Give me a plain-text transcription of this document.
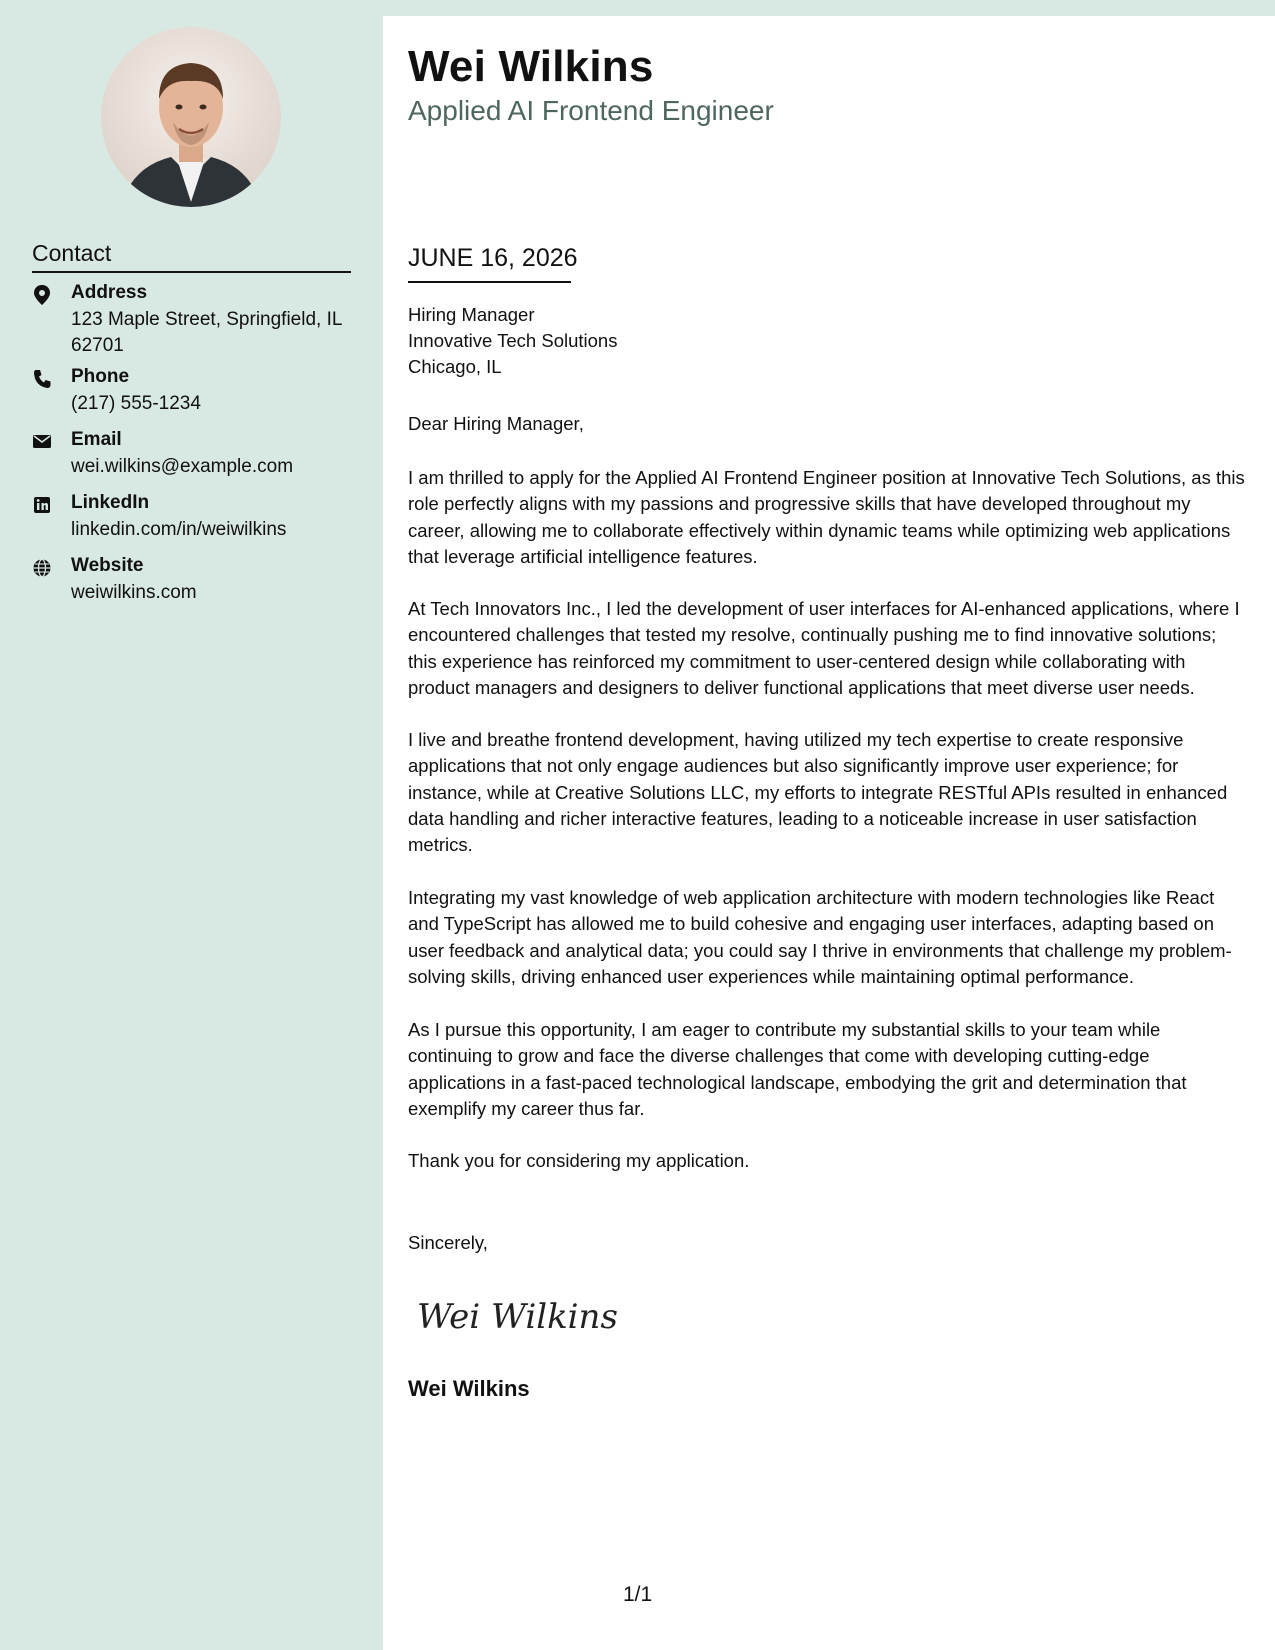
Contact
Address
123 Maple Street, Springfield, IL 62701
Phone
(217) 555-1234
Email
wei.wilkins@example.com
LinkedIn
linkedin.com/in/weiwilkins
Website
weiwilkins.com
Wei Wilkins
Applied AI Frontend Engineer
JUNE 16, 2026
Hiring Manager
Innovative Tech Solutions
Chicago, IL
Dear Hiring Manager,
I am thrilled to apply for the Applied AI Frontend Engineer position at Innovative Tech Solutions, as this role perfectly aligns with my passions and progressive skills that have developed throughout my career, allowing me to collaborate effectively within dynamic teams while optimizing web applications that leverage artificial intelligence features.
At Tech Innovators Inc., I led the development of user interfaces for AI-enhanced applications, where I encountered challenges that tested my resolve, continually pushing me to find innovative solutions; this experience has reinforced my commitment to user-centered design while collaborating with product managers and designers to deliver functional applications that meet diverse user needs.
I live and breathe frontend development, having utilized my tech expertise to create responsive applications that not only engage audiences but also significantly improve user experience; for instance, while at Creative Solutions LLC, my efforts to integrate RESTful APIs resulted in enhanced data handling and richer interactive features, leading to a noticeable increase in user satisfaction metrics.
Integrating my vast knowledge of web application architecture with modern technologies like React and TypeScript has allowed me to build cohesive and engaging user interfaces, adapting based on user feedback and analytical data; you could say I thrive in environments that challenge my problem-solving skills, driving enhanced user experiences while maintaining optimal performance.
As I pursue this opportunity, I am eager to contribute my substantial skills to your team while continuing to grow and face the diverse challenges that come with developing cutting-edge applications in a fast-paced technological landscape, embodying the grit and determination that exemplify my career thus far.
Thank you for considering my application.
Sincerely,
Wei Wilkins
Wei Wilkins
1/1
